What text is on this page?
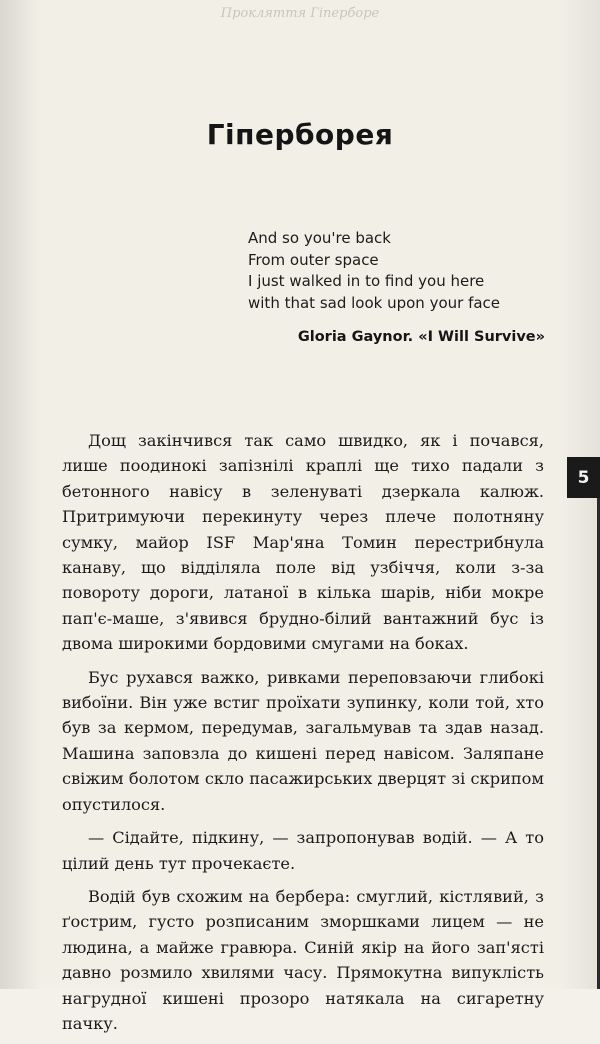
Прокляття Гіперборе
Гіперборея
And so you're back
From outer space
I just walked in to find you here
with that sad look upon your face
Gloria Gaynor. «I Will Survive»

Дощ закінчився так само швидко, як і почався, лише поодинокі запізнілі краплі ще тихо падали з бетонного навісу в зеленуваті дзеркала калюж. Притримуючи перекинуту через плече полотняну сумку, майор ISF Мар'яна Томин перестрибнула канаву, що відділяла поле від узбіччя, коли з-за повороту дороги, латаної в кілька шарів, ніби мокре пап'є-маше, з'явився брудно-білий вантажний бус із двома широкими бордовими смугами на боках.

Бус рухався важко, ривками переповзаючи глибокі вибоїни. Він уже встиг проїхати зупинку, коли той, хто був за кермом, передумав, загальмував та здав назад. Машина заповзла до кишені перед навісом. Заляпане свіжим болотом скло пасажирських дверцят зі скрипом опустилося.

— Сідайте, підкину, — запропонував водій. — А то цілий день тут прочекаєте.

Водій був схожим на бербера: смуглий, кістлявий, з ґострим, густо розписаним зморшками лицем — не людина, а майже гравюра. Синій якір на його зап'ясті давно розмило хвилями часу. Прямокутна випуклість нагрудної кишені прозоро натякала на сигаретну пачку.

5
